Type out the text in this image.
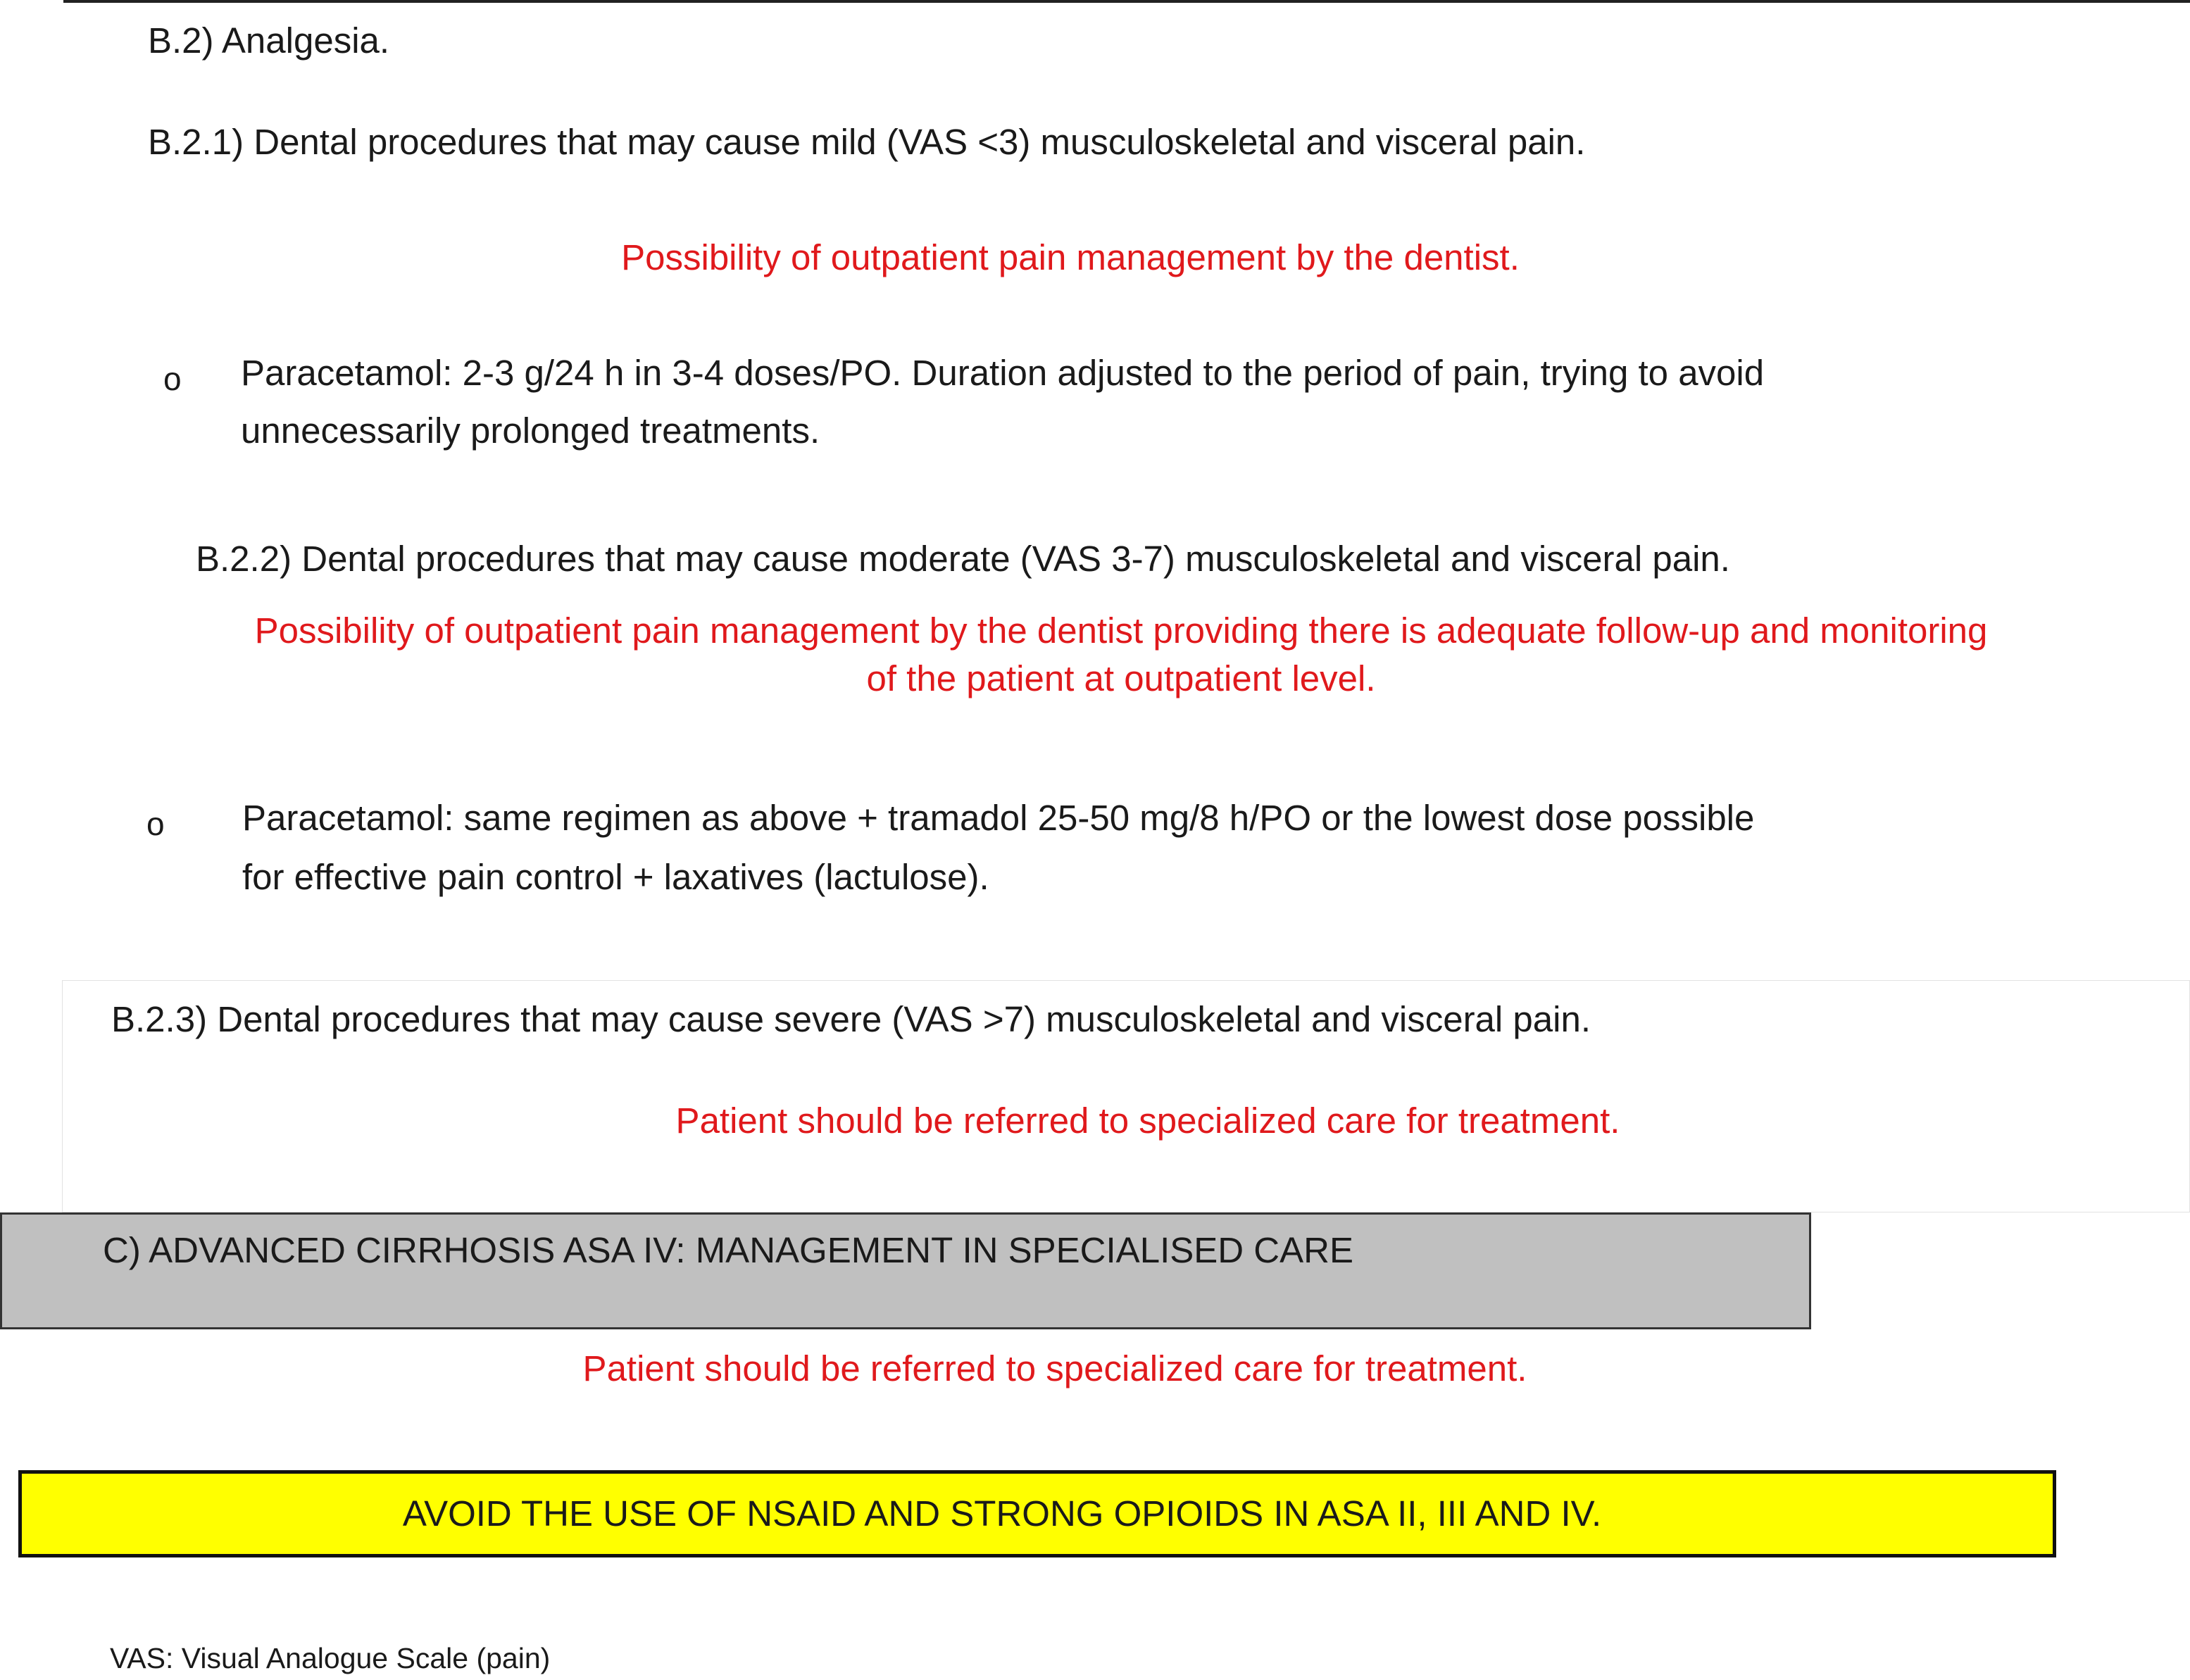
B.2) Analgesia.
B.2.1) Dental procedures that may cause mild (VAS <3) musculoskeletal and visceral pain.
Possibility of outpatient pain management by the dentist.
o Paracetamol: 2-3 g/24 h in 3-4 doses/PO. Duration adjusted to the period of pain, trying to avoid
unnecessarily prolonged treatments.
B.2.2) Dental procedures that may cause moderate (VAS 3-7) musculoskeletal and visceral pain.
Possibility of outpatient pain management by the dentist providing there is adequate follow-up and monitoring
of the patient at outpatient level.
o Paracetamol: same regimen as above + tramadol 25-50 mg/8 h/PO or the lowest dose possible
for effective pain control + laxatives (lactulose).
B.2.3) Dental procedures that may cause severe (VAS >7) musculoskeletal and visceral pain.
Patient should be referred to specialized care for treatment.
C) ADVANCED CIRRHOSIS ASA IV: MANAGEMENT IN SPECIALISED CARE
Patient should be referred to specialized care for treatment.
AVOID THE USE OF NSAID AND STRONG OPIOIDS IN ASA II, III AND IV.
VAS: Visual Analogue Scale (pain)
